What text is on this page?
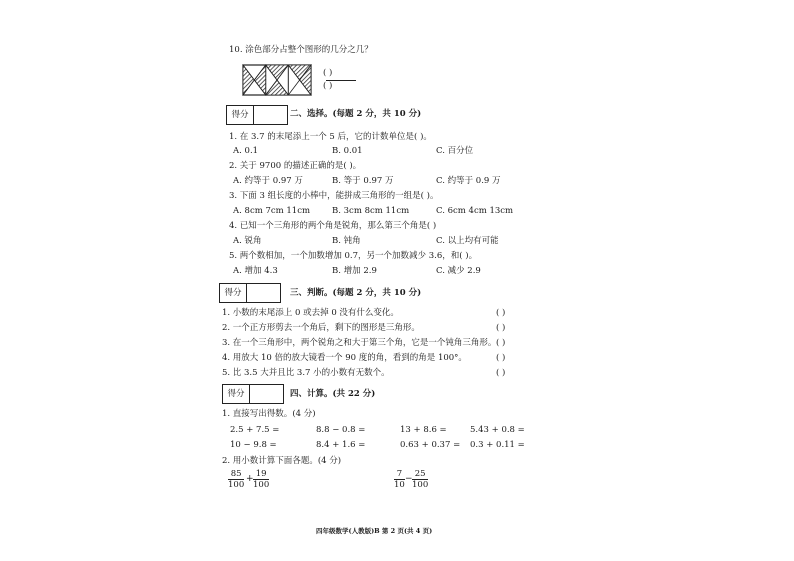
10. 涂色部分占整个图形的几分之几？
( )
( )
得分	二、选择。(每题 2 分，共 10 分)
1. 在 3.7 的末尾添上一个 5 后，它的计数单位是( )。
A. 0.1	B. 0.01	C. 百分位
2. 关于 9700 的描述正确的是( )。
A. 约等于 0.97 万	B. 等于 0.97 万	C. 约等于 0.9 万
3. 下面 3 组长度的小棒中，能拼成三角形的一组是( )。
A. 8cm 7cm 11cm	B. 3cm 8cm 11cm	C. 6cm 4cm 13cm
4. 已知一个三角形的两个角是锐角，那么第三个角是( )
A. 锐角	B. 钝角	C. 以上均有可能
5. 两个数相加，一个加数增加 0.7，另一个加数减少 3.6，和( )。
A. 增加 4.3	B. 增加 2.9	C. 减少 2.9
得分	三、判断。(每题 2 分，共 10 分)
1. 小数的末尾添上 0 或去掉 0 没有什么变化。	( )
2. 一个正方形剪去一个角后，剩下的图形是三角形。	( )
3. 在一个三角形中，两个锐角之和大于第三个角，它是一个钝角三角形。 ( )
4. 用放大 10 倍的放大镜看一个 90 度的角，看到的角是 100°。	( )
5. 比 3.5 大并且比 3.7 小的小数有无数个。	( )
得分	四、计算。(共 22 分)
1. 直接写出得数。(4 分)
2.5 + 7.5 =	8.8 − 0.8 =	13 + 8.6 =	5.43 + 0.8 =
10 − 9.8 =	8.4 + 1.6 =	0.63 + 0.37 = 0.3 + 0.11 =
2. 用小数计算下面各题。(4 分)
$\frac{85}{100} + \frac{19}{100}$	$\frac{7}{10} - \frac{25}{100}$
四年级数学(人教版)B 第 2 页(共 4 页)
